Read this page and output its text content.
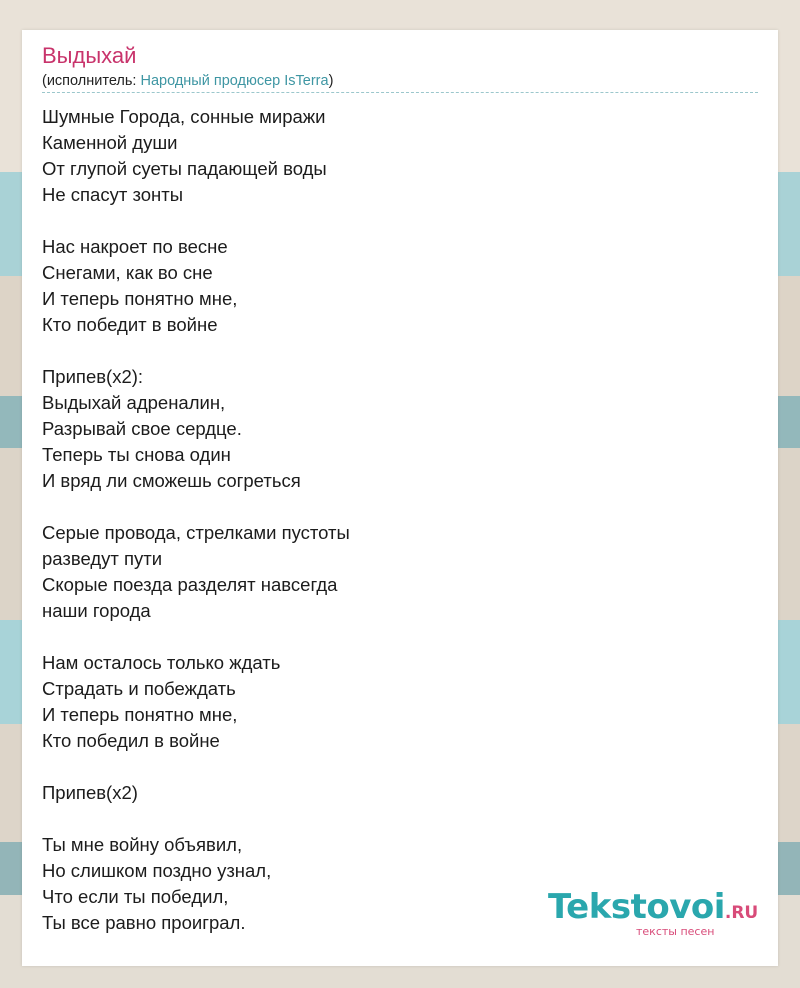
Выдыхай
(исполнитель: Народный продюсер IsTerra)
Шумные Города, сонные миражи
Каменной души
От глупой суеты падающей воды
Не спасут зонты
Нас накроет по весне
Снегами, как во сне
И теперь понятно мне,
Кто победит в войне
Припев(x2):
Выдыхай адреналин,
Разрывай свое сердце.
Теперь ты снова один
И вряд ли сможешь согреться
Серые провода, стрелками пустоты
разведут пути
Скорые поезда разделят навсегда
наши города
Нам осталось только ждать
Страдать и побеждать
И теперь понятно мне,
Кто победил в войне
Припев(x2)
Ты мне войну объявил,
Но слишком поздно узнал,
Что если ты победил,
Ты все равно проиграл.	Tekstovoi.RU
тексты песен
